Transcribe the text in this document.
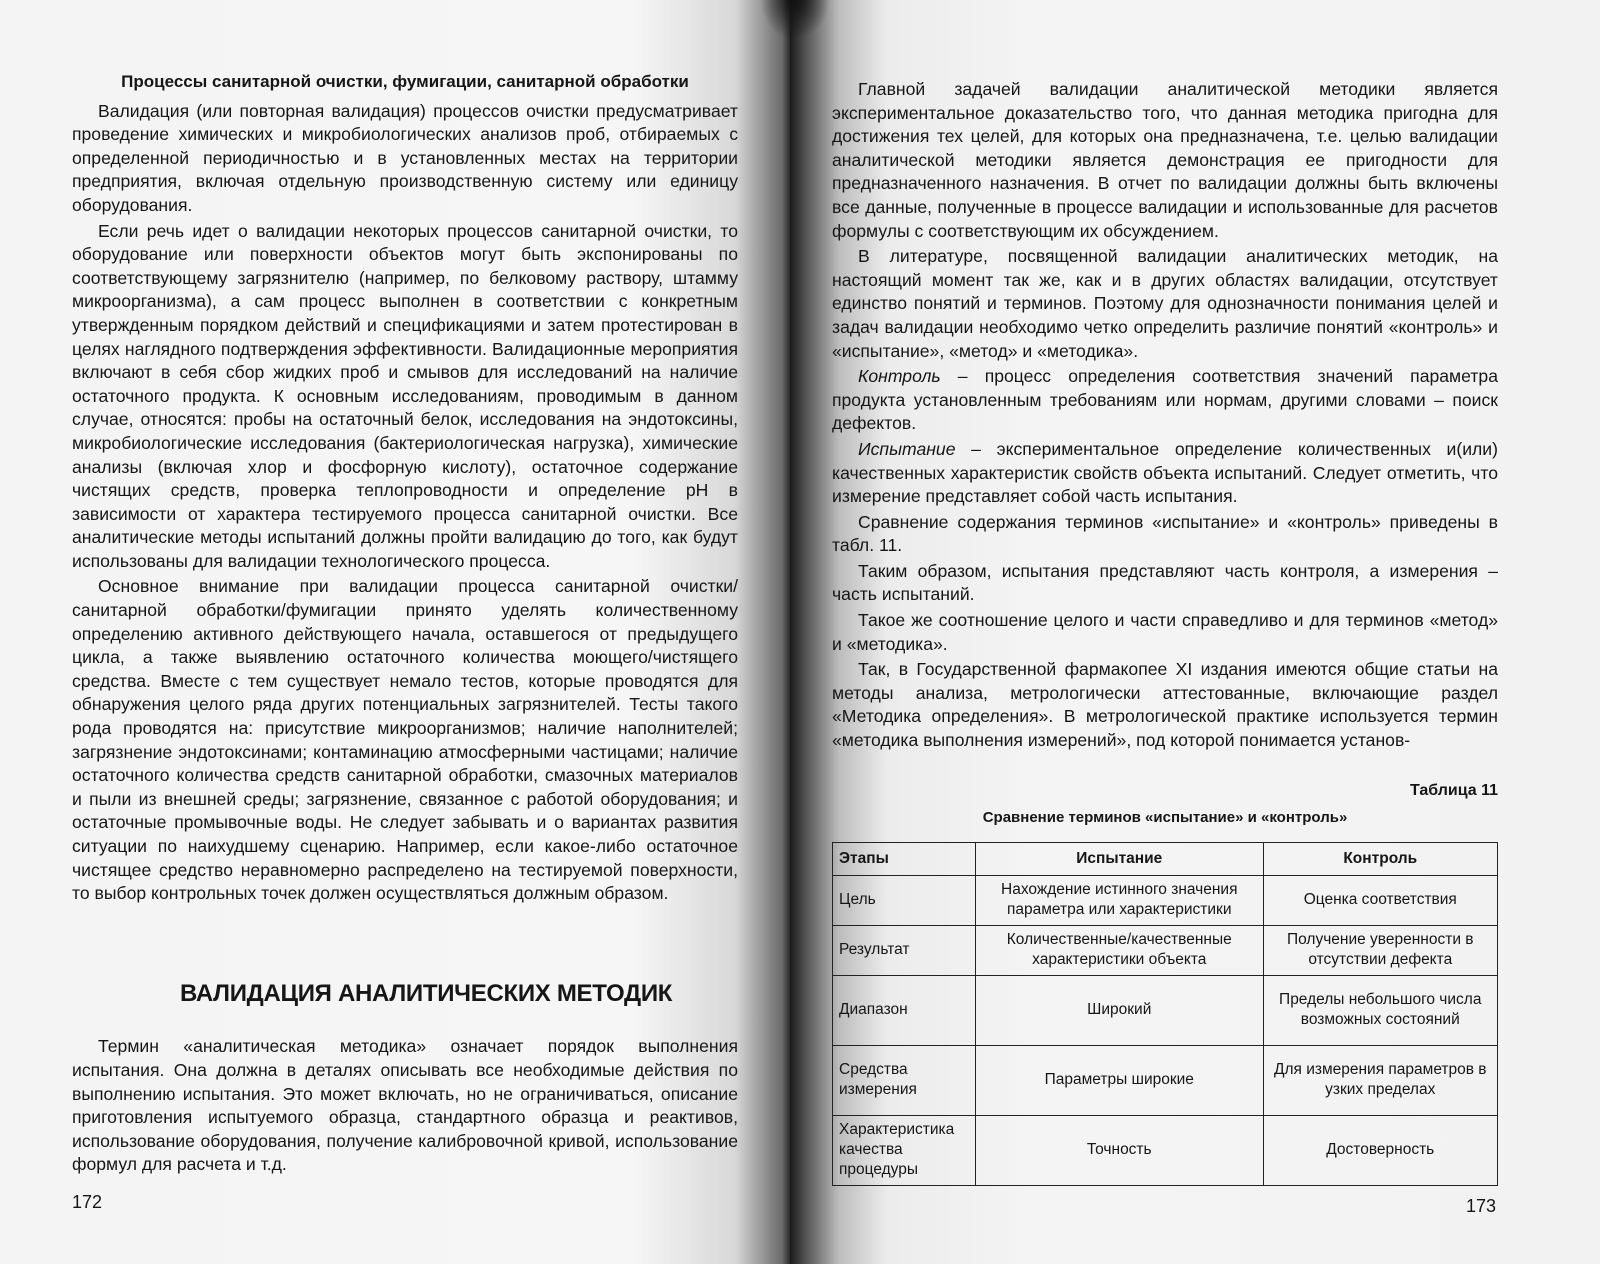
Процессы санитарной очистки, фумигации, санитарной обработки

Валидация (или повторная валидация) процессов очистки предусматривает проведение химических и микробиологических анализов проб, отбираемых с определенной периодичностью и в установленных местах на территории предприятия, включая отдельную производственную систему или единицу оборудования.

Если речь идет о валидации некоторых процессов санитарной очистки, то оборудование или поверхности объектов могут быть экспонированы по соответствующему загрязнителю (например, по белковому раствору, штамму микроорганизма), а сам процесс выполнен в соответствии с конкретным утвержденным порядком действий и спецификациями и затем протестирован в целях наглядного подтверждения эффективности. Валидационные мероприятия включают в себя сбор жидких проб и смывов для исследований на наличие остаточного продукта. К основным исследованиям, проводимым в данном случае, относятся: пробы на остаточный белок, исследования на эндотоксины, микробиологические исследования (бактериологическая нагрузка), химические анализы (включая хлор и фосфорную кислоту), остаточное содержание чистящих средств, проверка теплопроводности и определение pH в зависимости от характера тестируемого процесса санитарной очистки. Все аналитические методы испытаний должны пройти валидацию до того, как будут использованы для валидации технологического процесса.

Основное внимание при валидации процесса санитарной очистки/санитарной обработки/фумигации принято уделять количественному определению активного действующего начала, оставшегося от предыдущего цикла, а также выявлению остаточного количества моющего/чистящего средства. Вместе с тем существует немало тестов, которые проводятся для обнаружения целого ряда других потенциальных загрязнителей. Тесты такого рода проводятся на: присутствие микроорганизмов; наличие наполнителей; загрязнение эндотоксинами; контаминацию атмосферными частицами; наличие остаточного количества средств санитарной обработки, смазочных материалов и пыли из внешней среды; загрязнение, связанное с работой оборудования; и остаточные промывочные воды. Не следует забывать и о вариантах развития ситуации по наихудшему сценарию. Например, если какое-либо остаточное чистящее средство неравномерно распределено на тестируемой поверхности, то выбор контрольных точек должен осуществляться должным образом.

ВАЛИДАЦИЯ АНАЛИТИЧЕСКИХ МЕТОДИК

Термин «аналитическая методика» означает порядок выполнения испытания. Она должна в деталях описывать все необходимые действия по выполнению испытания. Это может включать, но не ограничиваться, описание приготовления испытуемого образца, стандартного образца и реактивов, использование оборудования, получение калибровочной кривой, использование формул для расчета и т.д.

172

Главной задачей валидации аналитической методики является экспериментальное доказательство того, что данная методика пригодна для достижения тех целей, для которых она предназначена, т.е. целью валидации аналитической методики является демонстрация ее пригодности для предназначенного назначения. В отчет по валидации должны быть включены все данные, полученные в процессе валидации и использованные для расчетов формулы с соответствующим их обсуждением.

В литературе, посвященной валидации аналитических методик, на настоящий момент так же, как и в других областях валидации, отсутствует единство понятий и терминов. Поэтому для однозначности понимания целей и задач валидации необходимо четко определить различие понятий «контроль» и «испытание», «метод» и «методика».

Контроль – процесс определения соответствия значений параметра продукта установленным требованиям или нормам, другими словами – поиск дефектов.

Испытание – экспериментальное определение количественных и(или) качественных характеристик свойств объекта испытаний. Следует отметить, что измерение представляет собой часть испытания.

Сравнение содержания терминов «испытание» и «контроль» приведены в табл. 11.

Таким образом, испытания представляют часть контроля, а измерения – часть испытаний.

Такое же соотношение целого и части справедливо и для терминов «метод» и «методика».

Так, в Государственной фармакопее XI издания имеются общие статьи на методы анализа, метрологически аттестованные, включающие раздел «Методика определения». В метрологической практике используется термин «методика выполнения измерений», под которой понимается установ-

Таблица 11
Сравнение терминов «испытание» и «контроль»
Этапы	Испытание	Контроль
Цель	Нахождение истинного значения параметра или характеристики	Оценка соответствия
Результат	Количественные/качественные характеристики объекта	Получение уверенности в отсутствии дефекта
Диапазон	Широкий	Пределы небольшого числа возможных состояний
Средства измерения	Параметры широкие	Для измерения параметров в узких пределах
Характеристика качества процедуры	Точность	Достоверность
173
